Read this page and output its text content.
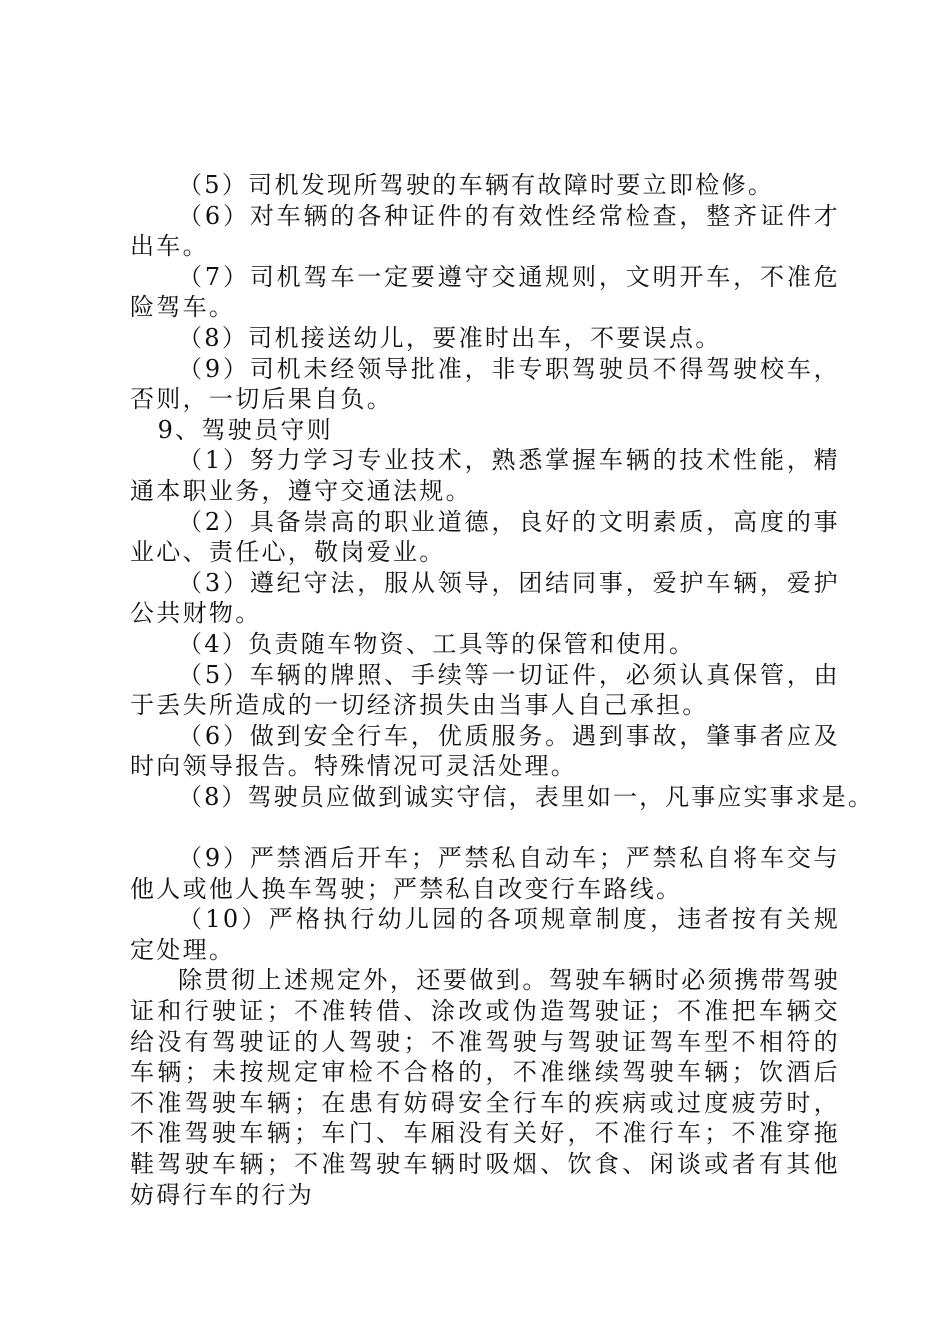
（5）司机发现所驾驶的车辆有故障时要立即检修。

（6）对车辆的各种证件的有效性经常检查，整齐证件才出车。

（7）司机驾车一定要遵守交通规则，文明开车，不准危险驾车。

（8）司机接送幼儿，要准时出车，不要误点。

（9）司机未经领导批准，非专职驾驶员不得驾驶校车，否则，一切后果自负。

9、驾驶员守则

（1）努力学习专业技术，熟悉掌握车辆的技术性能，精通本职业务，遵守交通法规。

（2）具备崇高的职业道德，良好的文明素质，高度的事业心、责任心，敬岗爱业。

（3）遵纪守法，服从领导，团结同事，爱护车辆，爱护公共财物。

（4）负责随车物资、工具等的保管和使用。

（5）车辆的牌照、手续等一切证件，必须认真保管，由于丢失所造成的一切经济损失由当事人自己承担。

（6）做到安全行车，优质服务。遇到事故，肇事者应及时向领导报告。特殊情况可灵活处理。

（8）驾驶员应做到诚实守信，表里如一，凡事应实事求是。

（9）严禁酒后开车；严禁私自动车；严禁私自将车交与他人或他人换车驾驶；严禁私自改变行车路线。

（10）严格执行幼儿园的各项规章制度，违者按有关规定处理。

除贯彻上述规定外，还要做到。驾驶车辆时必须携带驾驶证和行驶证；不准转借、涂改或伪造驾驶证；不准把车辆交给没有驾驶证的人驾驶；不准驾驶与驾驶证驾车型不相符的车辆；未按规定审检不合格的，不准继续驾驶车辆；饮酒后不准驾驶车辆；在患有妨碍安全行车的疾病或过度疲劳时，不准驾驶车辆；车门、车厢没有关好，不准行车；不准穿拖鞋驾驶车辆；不准驾驶车辆时吸烟、饮食、闲谈或者有其他妨碍行车的行为
